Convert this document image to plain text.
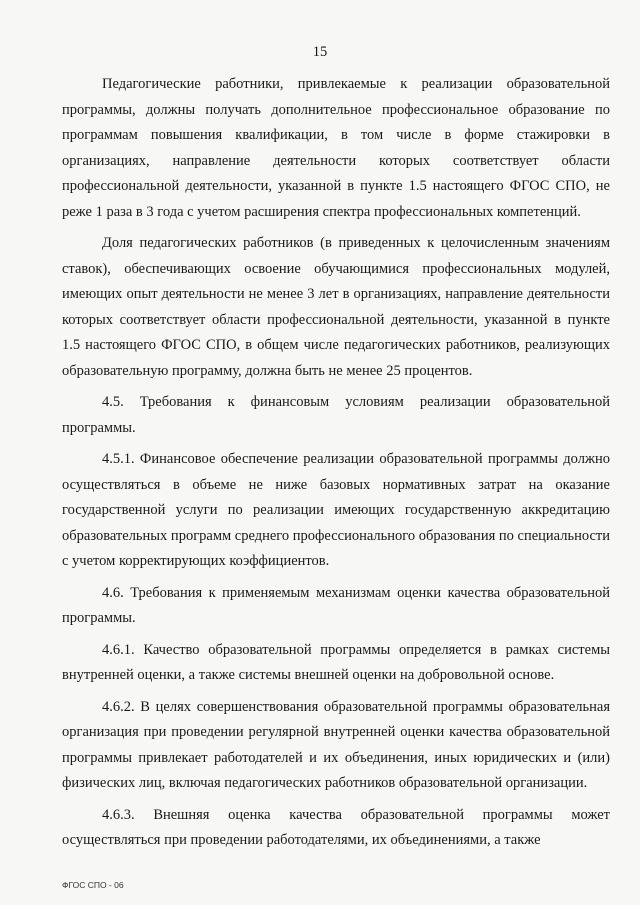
15

Педагогические работники, привлекаемые к реализации образовательной программы, должны получать дополнительное профессиональное образование по программам повышения квалификации, в том числе в форме стажировки в организациях, направление деятельности которых соответствует области профессиональной деятельности, указанной в пункте 1.5 настоящего ФГОС СПО, не реже 1 раза в 3 года с учетом расширения спектра профессиональных компетенций.

Доля педагогических работников (в приведенных к целочисленным значениям ставок), обеспечивающих освоение обучающимися профессиональных модулей, имеющих опыт деятельности не менее 3 лет в организациях, направление деятельности которых соответствует области профессиональной деятельности, указанной в пункте 1.5 настоящего ФГОС СПО, в общем числе педагогических работников, реализующих образовательную программу, должна быть не менее 25 процентов.

4.5. Требования к финансовым условиям реализации образовательной программы.

4.5.1. Финансовое обеспечение реализации образовательной программы должно осуществляться в объеме не ниже базовых нормативных затрат на оказание государственной услуги по реализации имеющих государственную аккредитацию образовательных программ среднего профессионального образования по специальности с учетом корректирующих коэффициентов.

4.6. Требования к применяемым механизмам оценки качества образовательной программы.

4.6.1. Качество образовательной программы определяется в рамках системы внутренней оценки, а также системы внешней оценки на добровольной основе.

4.6.2. В целях совершенствования образовательной программы образовательная организация при проведении регулярной внутренней оценки качества образовательной программы привлекает работодателей и их объединения, иных юридических и (или) физических лиц, включая педагогических работников образовательной организации.

4.6.3. Внешняя оценка качества образовательной программы может осуществляться при проведении работодателями, их объединениями, а также

ФГОС СПО - 06
